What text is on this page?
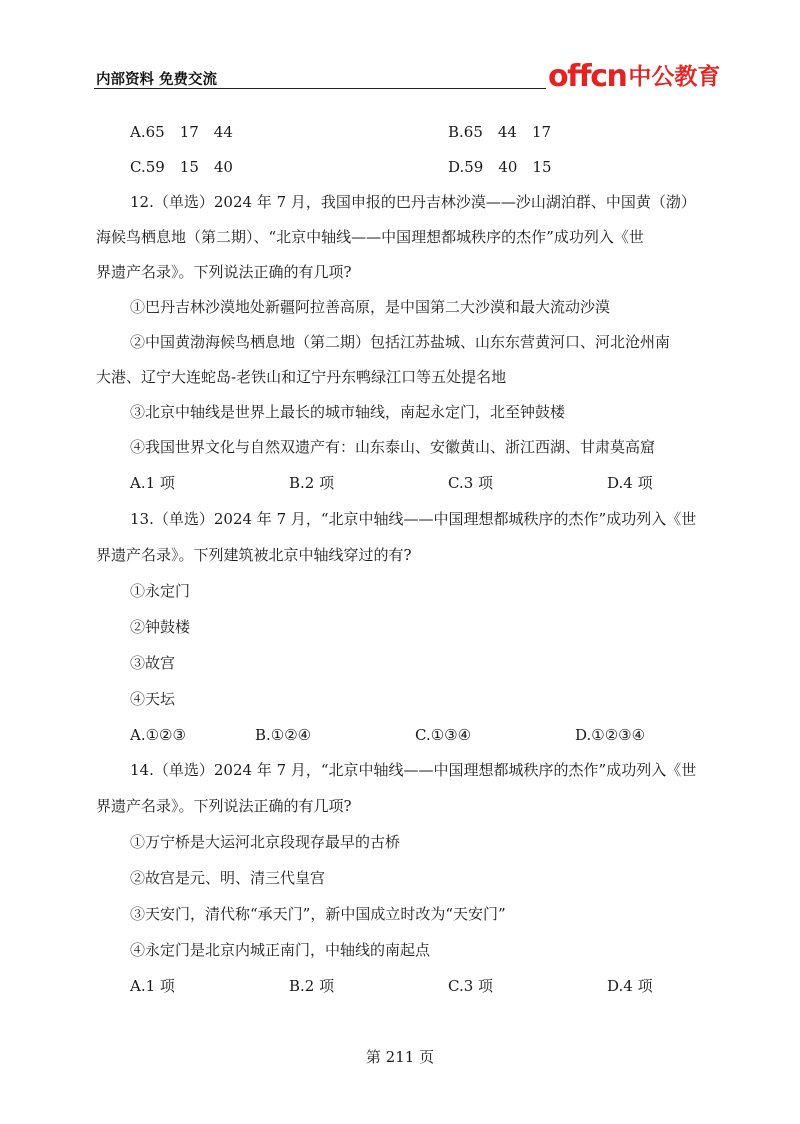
内部资料 免费交流	offcn中公教育
A.65　17　44	B.65　44　17
C.59　15　40	D.59　40　15
12.（单选）2024 年 7 月，我国申报的巴丹吉林沙漠——沙山湖泊群、中国黄（渤）
海候鸟栖息地（第二期）、“北京中轴线——中国理想都城秩序的杰作”成功列入《世
界遗产名录》。下列说法正确的有几项?
①巴丹吉林沙漠地处新疆阿拉善高原，是中国第二大沙漠和最大流动沙漠
②中国黄渤海候鸟栖息地（第二期）包括江苏盐城、山东东营黄河口、河北沧州南
大港、辽宁大连蛇岛-老铁山和辽宁丹东鸭绿江口等五处提名地
③北京中轴线是世界上最长的城市轴线，南起永定门，北至钟鼓楼
④我国世界文化与自然双遗产有：山东泰山、安徽黄山、浙江西湖、甘肃莫高窟
A.1 项	B.2 项	C.3 项	D.4 项
13.（单选）2024 年 7 月，“北京中轴线——中国理想都城秩序的杰作”成功列入《世
界遗产名录》。下列建筑被北京中轴线穿过的有?
①永定门
②钟鼓楼
③故宫
④天坛
A.①②③	B.①②④	C.①③④	D.①②③④
14.（单选）2024 年 7 月，“北京中轴线——中国理想都城秩序的杰作”成功列入《世
界遗产名录》。下列说法正确的有几项?
①万宁桥是大运河北京段现存最早的古桥
②故宫是元、明、清三代皇宫
③天安门，清代称“承天门”，新中国成立时改为“天安门”
④永定门是北京内城正南门，中轴线的南起点
A.1 项	B.2 项	C.3 项	D.4 项
第 211 页
